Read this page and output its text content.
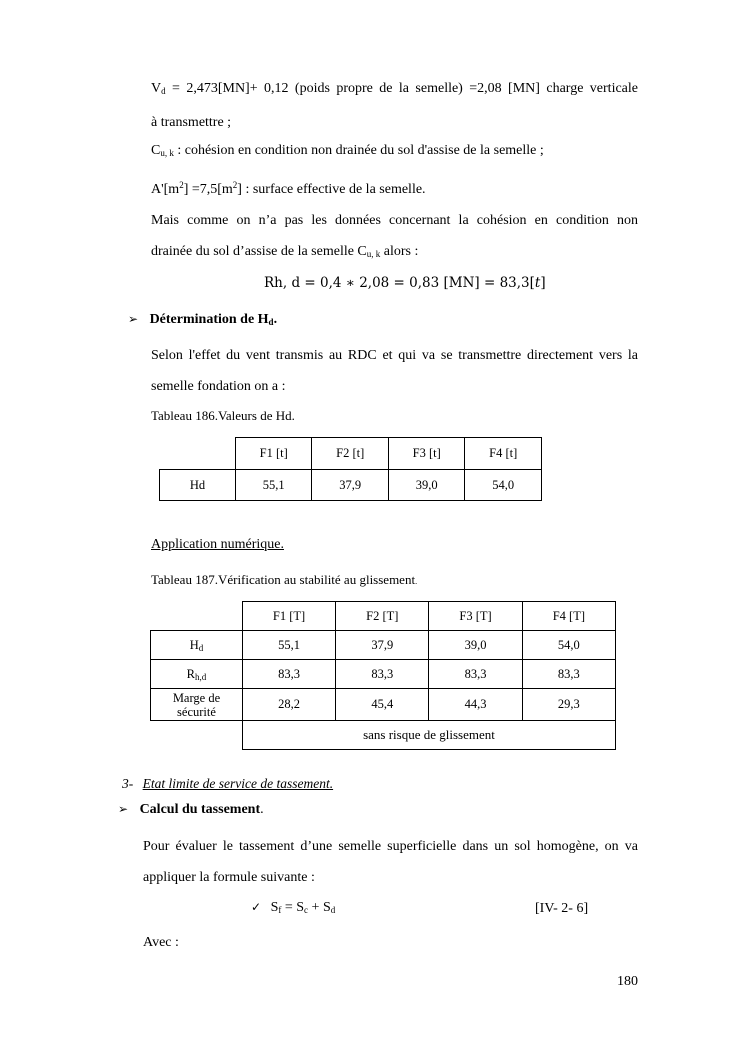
$V_d = 2,473[MN]+ 0,12$ (poids propre de la semelle) =2,08 [MN] charge verticale
à transmettre ;
$C_{u, k}$ : cohésion en condition non drainée du sol d'assise de la semelle ;
$A'[m^2] =7,5[m^2]$ : surface effective de la semelle.
Mais comme on n’a pas les données concernant la cohésion en condition non
drainée du sol d’assise de la semelle $C_{u, k}$ alors :
Rh, d = 0,4 ∗ 2,08 = 0,83 [MN] = 83,3[𝑡]
➢ Détermination de $H_d$.
Selon l'effet du vent transmis au RDC et qui va se transmettre directement vers la
semelle fondation on a :
Tableau 186.Valeurs de Hd.
	F1 [t]	F2 [t]	F3 [t]	F4 [t]
Hd	55,1	37,9	39,0	54,0
Application numérique.
Tableau 187.Vérification au stabilité au glissement.
	F1 [T]	F2 [T]	F3 [T]	F4 [T]
$H_d$	55,1	37,9	39,0	54,0
$R_{h,d}$	83,3	83,3	83,3	83,3

Marge de
sécurité	28,2	45,4	44,3	29,3
	sans risque de glissement			
3- Etat limite de service de tassement.
➢ Calcul du tassement.
Pour évaluer le tassement d’une semelle superficielle dans un sol homogène, on va
appliquer la formule suivante :
✓ $S_f = S_c + S_d$	[IV- 2- 6]
Avec :
180
